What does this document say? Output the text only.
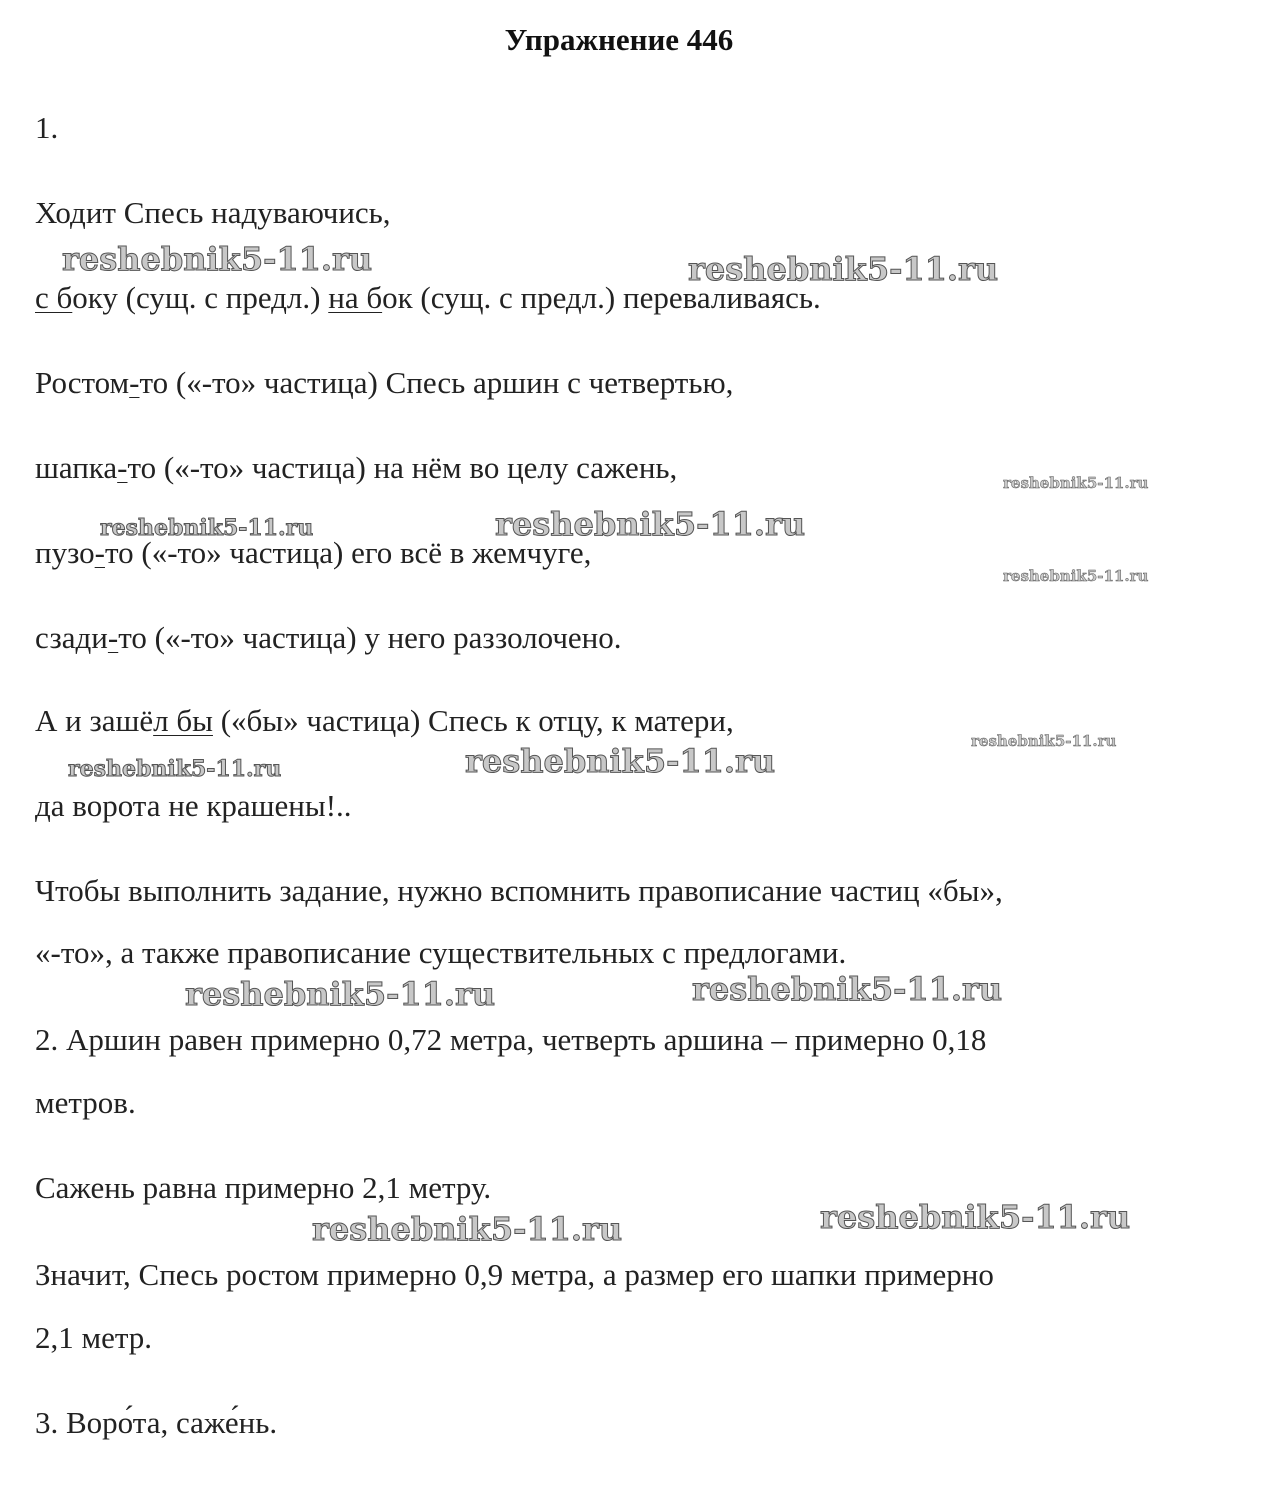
Упражнение 446
1.
Ходит Спесь надуваючись,
с боку (сущ. с предл.) на бок (сущ. с предл.) переваливаясь.
Ростом-то («-то» частица) Спесь аршин с четвертью,
шапка-то («-то» частица) на нём во целу сажень,
пузо-то («-то» частица) его всё в жемчуге,
сзади-то («-то» частица) у него раззолочено.
А и зашёл бы («бы» частица) Спесь к отцу, к матери,
да ворота не крашены!..
Чтобы выполнить задание, нужно вспомнить правописание частиц «бы»,
«-то», а также правописание существительных с предлогами.
2. Аршин равен примерно 0,72 метра, четверть аршина – примерно 0,18
метров.
Сажень равна примерно 2,1 метру.
Значит, Спесь ростом примерно 0,9 метра, а размер его шапки примерно
2,1 метр.
3. Воро́та, саже́нь.
reshebnik5-11.ru	reshebnik5-11.ru
reshebnik5-11.ru
reshebnik5-11.ru	reshebnik5-11.ru
reshebnik5-11.ru
reshebnik5-11.ru
reshebnik5-11.ru	reshebnik5-11.ru
reshebnik5-11.ru	reshebnik5-11.ru
reshebnik5-11.ru	reshebnik5-11.ru
